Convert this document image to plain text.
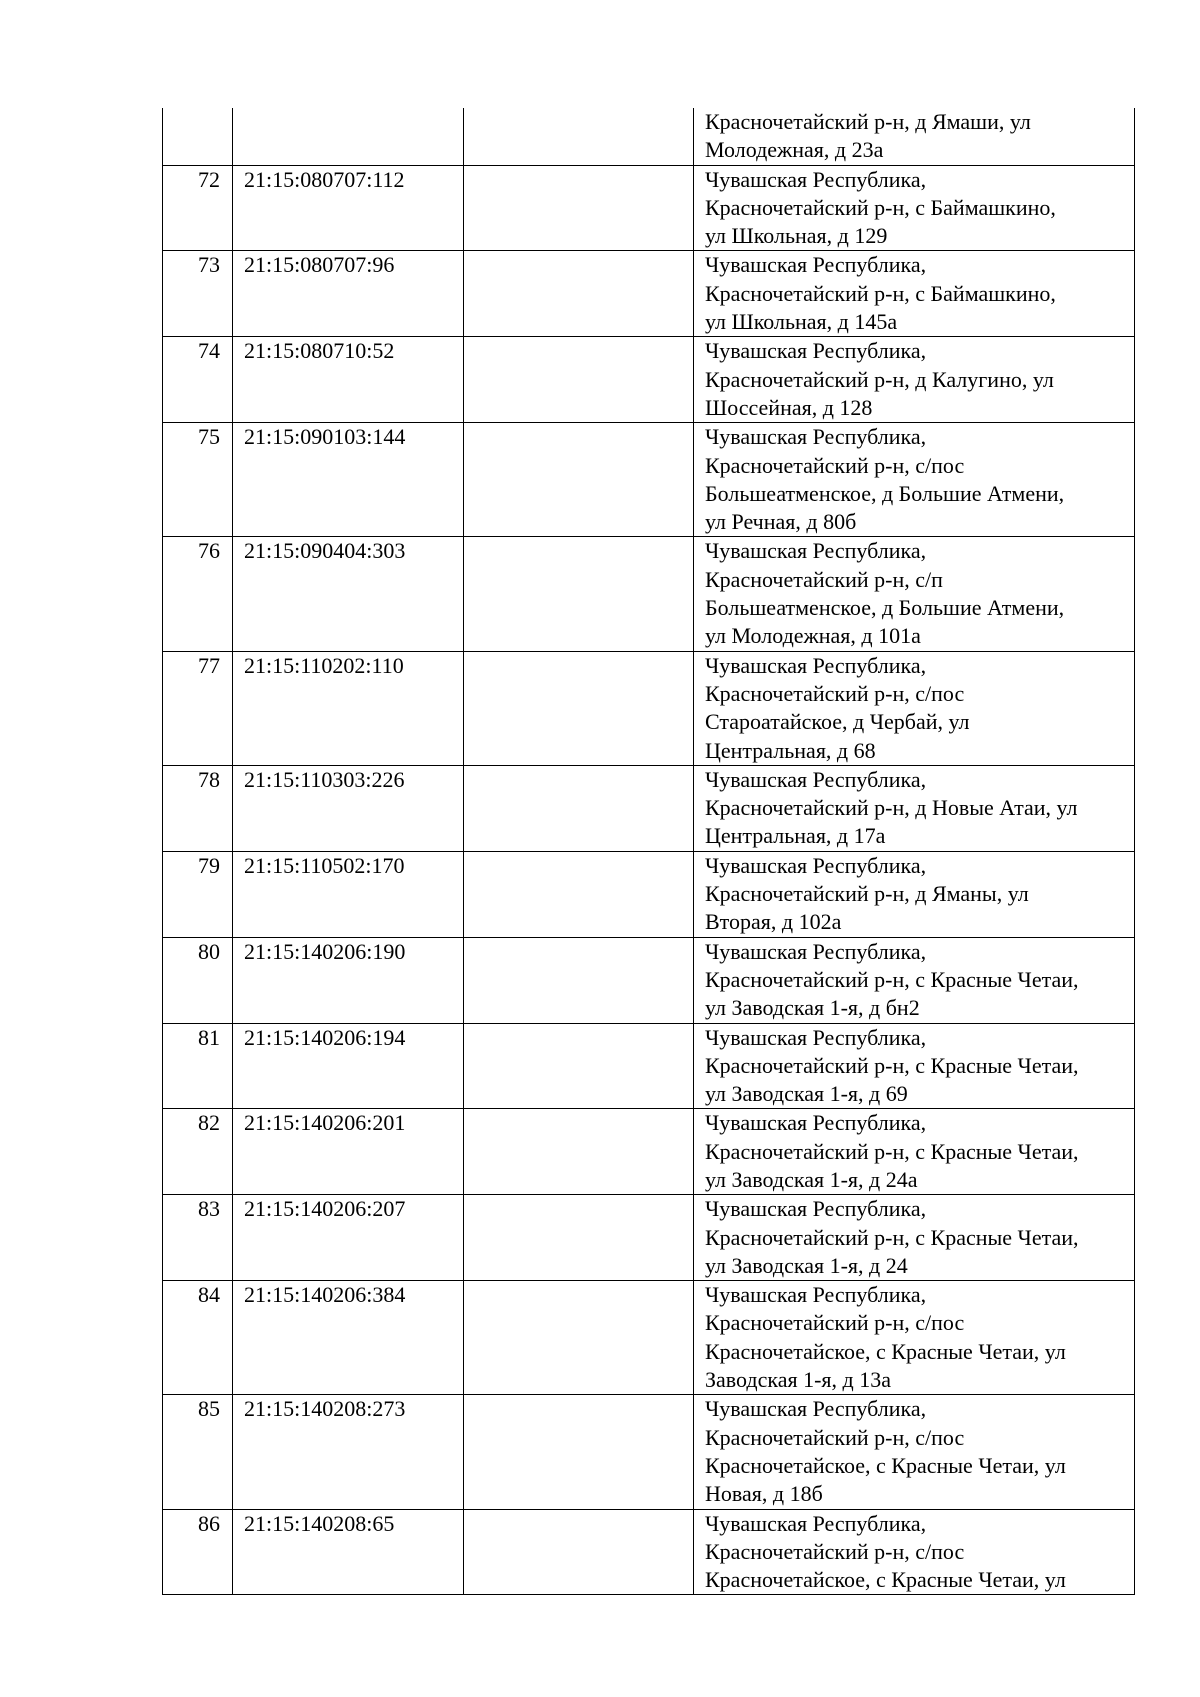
			Красночетайский р-н, д Ямаши, ул
Молодежная, д 23а

72	21:15:080707:112		Чувашская Республика,
Красночетайский р-н, с Баймашкино,
ул Школьная, д 129

73	21:15:080707:96		Чувашская Республика,
Красночетайский р-н, с Баймашкино,
ул Школьная, д 145а

74	21:15:080710:52		Чувашская Республика,
Красночетайский р-н, д Калугино, ул
Шоссейная, д 128

75	21:15:090103:144		Чувашская Республика,
Красночетайский р-н, с/пос
Большеатменское, д Большие Атмени,
ул Речная, д 80б

76	21:15:090404:303		Чувашская Республика,
Красночетайский р-н, с/п
Большеатменское, д Большие Атмени,
ул Молодежная, д 101а

77	21:15:110202:110		Чувашская Республика,
Красночетайский р-н, с/пос
Староатайское, д Чербай, ул
Центральная, д 68

78	21:15:110303:226		Чувашская Республика,
Красночетайский р-н, д Новые Атаи, ул
Центральная, д 17а

79	21:15:110502:170		Чувашская Республика,
Красночетайский р-н, д Яманы, ул
Вторая, д 102а

80	21:15:140206:190		Чувашская Республика,
Красночетайский р-н, с Красные Четаи,
ул Заводская 1-я, д бн2

81	21:15:140206:194		Чувашская Республика,
Красночетайский р-н, с Красные Четаи,
ул Заводская 1-я, д 69

82	21:15:140206:201		Чувашская Республика,
Красночетайский р-н, с Красные Четаи,
ул Заводская 1-я, д 24а

83	21:15:140206:207		Чувашская Республика,
Красночетайский р-н, с Красные Четаи,
ул Заводская 1-я, д 24

84	21:15:140206:384		Чувашская Республика,
Красночетайский р-н, с/пос
Красночетайское, с Красные Четаи, ул
Заводская 1-я, д 13а

85	21:15:140208:273		Чувашская Республика,
Красночетайский р-н, с/пос
Красночетайское, с Красные Четаи, ул
Новая, д 18б

86	21:15:140208:65		Чувашская Республика,
Красночетайский р-н, с/пос
Красночетайское, с Красные Четаи, ул
